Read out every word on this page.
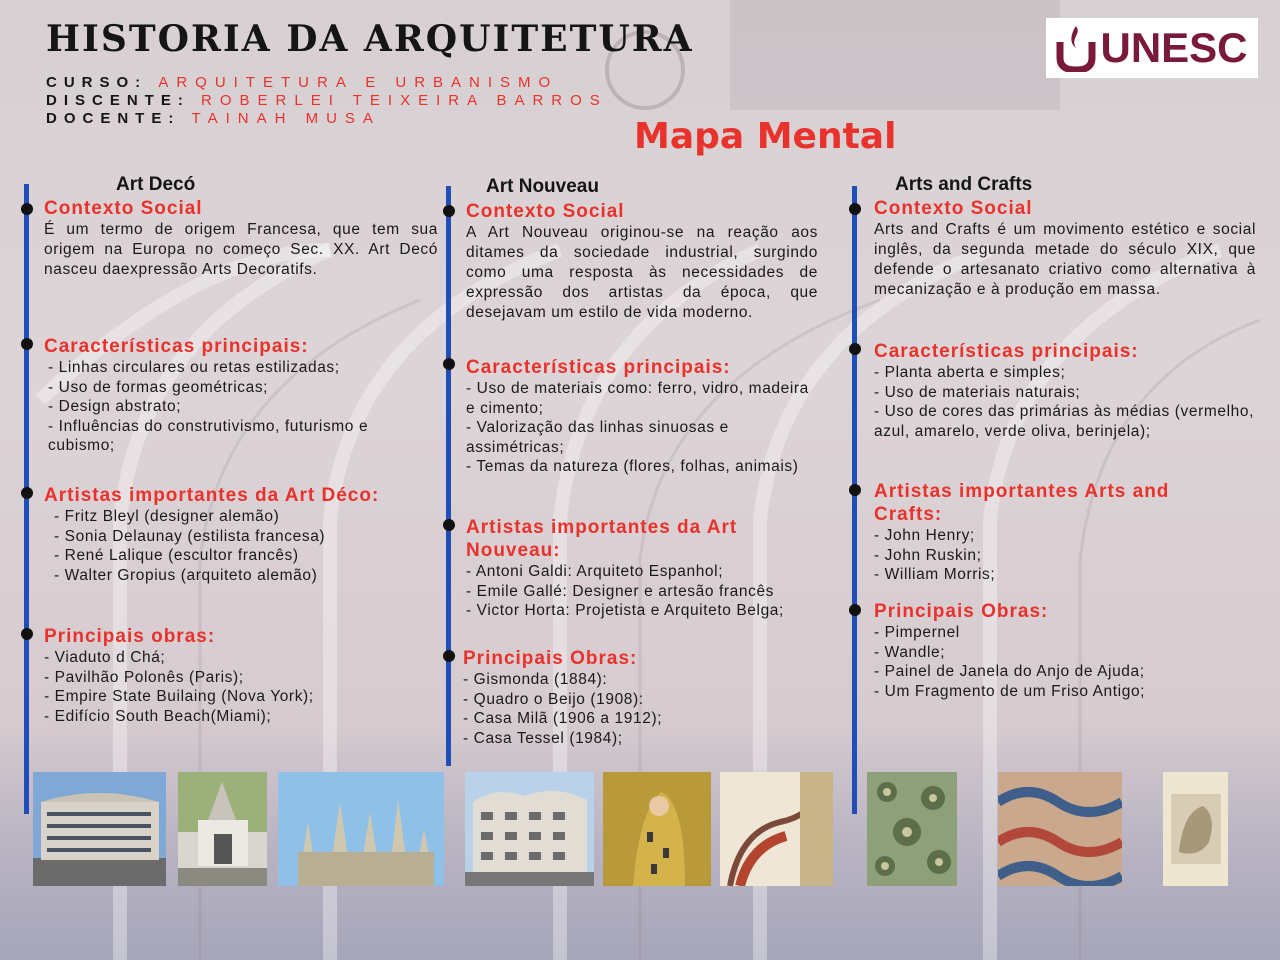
HISTORIA DA ARQUITETURA
CURSO: ARQUITETURA E URBANISMO
DISCENTE: ROBERLEI TEIXEIRA BARROS
DOCENTE: TAINAH MUSA
UNESC
Mapa Mental
Art Decó
Contexto Social

É um termo de origem Francesa, que tem sua origem na Europa no começo Sec. XX. Art Decó nasceu daexpressão Arts Decoratifs.

Características principais:
- Linhas circulares ou retas estilizadas;
- Uso de formas geométricas;
- Design abstrato;
- Influências do construtivismo, futurismo e cubismo;
Artistas importantes da Art Déco:
- Fritz Bleyl (designer alemão)
- Sonia Delaunay (estilista francesa)
- René Lalique (escultor francês)
- Walter Gropius (arquiteto alemão)
Principais obras:
- Viaduto d Chá;
- Pavilhão Polonês (Paris);
- Empire State Builaing (Nova York);
- Edifício South Beach(Miami);
Art Nouveau
Contexto Social

A Art Nouveau originou-se na reação aos ditames da sociedade industrial, surgindo como uma resposta às necessidades de expressão dos artistas da época, que desejavam um estilo de vida moderno.

Características principais:
- Uso de materiais como: ferro, vidro, madeira e cimento;
- Valorização das linhas sinuosas e assimétricas;
- Temas da natureza (flores, folhas, animais)
Artistas importantes da Art Nouveau:
- Antoni Galdi: Arquiteto Espanhol;
- Emile Gallé: Designer e artesão francês
- Victor Horta: Projetista e Arquiteto Belga;
Principais Obras:
- Gismonda (1884):
- Quadro o Beijo (1908):
- Casa Milã (1906 a 1912);
- Casa Tessel (1984);
Arts and Crafts
Contexto Social

Arts and Crafts é um movimento estético e social inglês, da segunda metade do século XIX, que defende o artesanato criativo como alternativa à mecanização e à produção em massa.

Características principais:
- Planta aberta e simples;
- Uso de materiais naturais;
- Uso de cores das primárias às médias (vermelho, azul, amarelo, verde oliva, berinjela);
Artistas importantes Arts and Crafts:
- John Henry;
- John Ruskin;
- William Morris;
Principais Obras:
- Pimpernel
- Wandle;
- Painel de Janela do Anjo de Ajuda;
- Um Fragmento de um Friso Antigo;
